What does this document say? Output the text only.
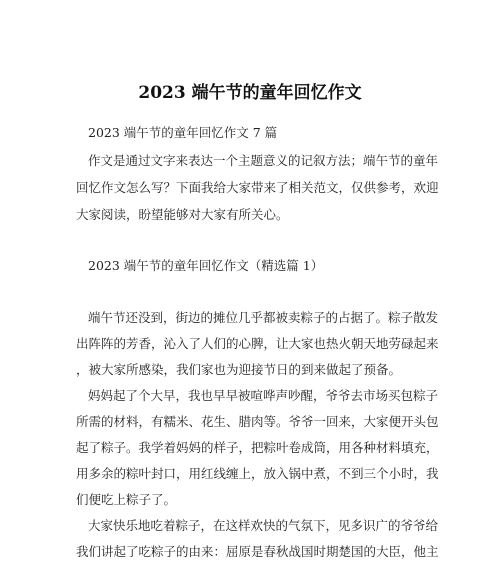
2023 端午节的童年回忆作文
2023 端午节的童年回忆作文 7 篇
作文是通过文字来表达一个主题意义的记叙方法；端午节的童年
回忆作文怎么写？下面我给大家带来了相关范文，仅供参考，欢迎
大家阅读，盼望能够对大家有所关心。
2023 端午节的童年回忆作文（精选篇 1）
端午节还没到，街边的摊位几乎都被卖粽子的占据了。粽子散发
出阵阵的芳香，沁入了人们的心脾，让大家也热火朝天地劳碌起来
，被大家所感染，我们家也为迎接节日的到来做起了预备。
妈妈起了个大早，我也早早被喧哗声吵醒，爷爷去市场买包粽子
所需的材料，有糯米、花生、腊肉等。爷爷一回来，大家便开头包
起了粽子。我学着妈妈的样子，把粽叶卷成筒，用各种材料填充，
用多余的粽叶封口，用红线缠上，放入锅中煮，不到三个小时，我
们便吃上粽子了。
大家快乐地吃着粽子，在这样欢快的气氛下，见多识广的爷爷给
我们讲起了吃粽子的由来：屈原是春秋战国时期楚国的大臣，他主
